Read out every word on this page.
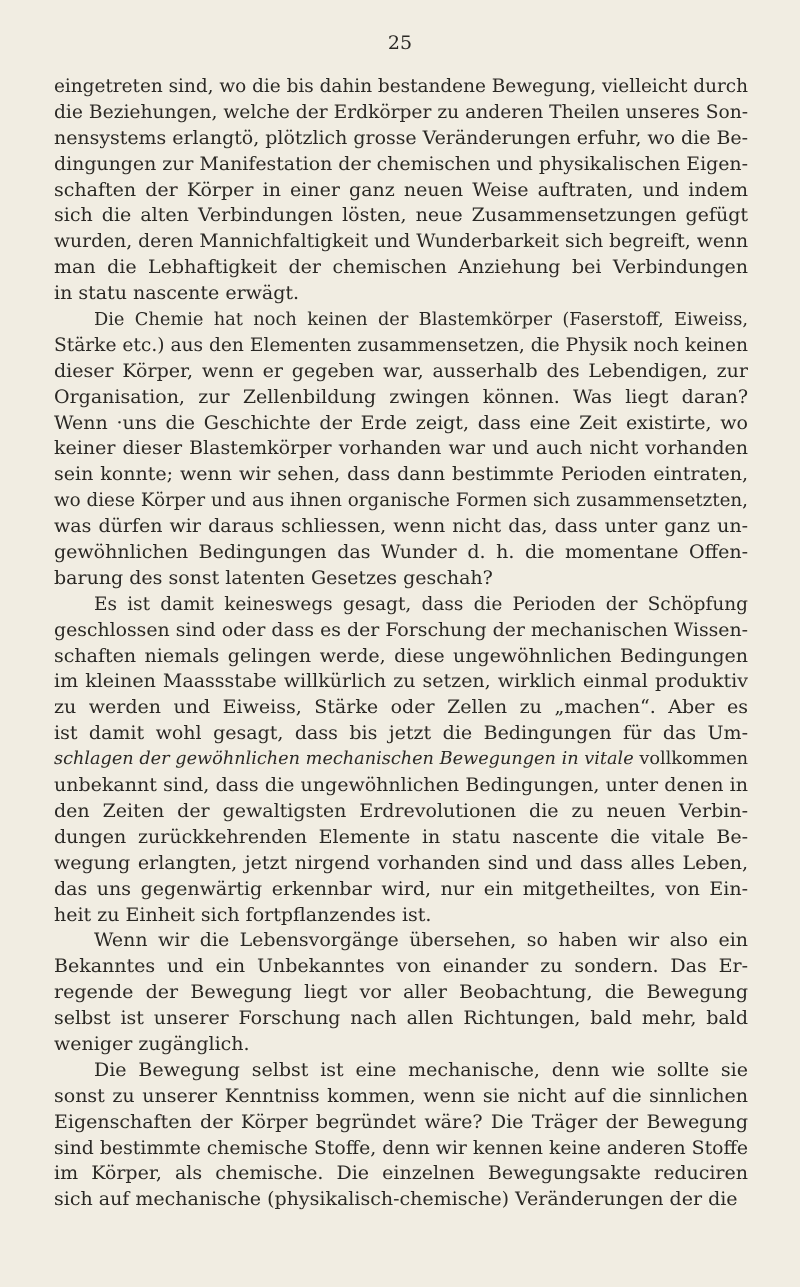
25
eingetreten sind, wo die bis dahin bestandene Bewegung, vielleicht durch
die Beziehungen, welche der Erdkörper zu anderen Theilen unseres Son-
nensystems erlangtö, plötzlich grosse Veränderungen erfuhr, wo die Be-
dingungen zur Manifestation der chemischen und physikalischen Eigen-
schaften der Körper in einer ganz neuen Weise auftraten, und indem
sich die alten Verbindungen lösten, neue Zusammensetzungen gefügt
wurden, deren Mannichfaltigkeit und Wunderbarkeit sich begreift, wenn
man die Lebhaftigkeit der chemischen Anziehung bei Verbindungen
in statu nascente erwägt.
Die Chemie hat noch keinen der Blastemkörper (Faserstoff, Eiweiss,
Stärke etc.) aus den Elementen zusammensetzen, die Physik noch keinen
dieser Körper, wenn er gegeben war, ausserhalb des Lebendigen, zur
Organisation, zur Zellenbildung zwingen können. Was liegt daran?
Wenn ·uns die Geschichte der Erde zeigt, dass eine Zeit existirte, wo
keiner dieser Blastemkörper vorhanden war und auch nicht vorhanden
sein konnte; wenn wir sehen, dass dann bestimmte Perioden eintraten,
wo diese Körper und aus ihnen organische Formen sich zusammensetzten,
was dürfen wir daraus schliessen, wenn nicht das, dass unter ganz un-
gewöhnlichen Bedingungen das Wunder d. h. die momentane Offen-
barung des sonst latenten Gesetzes geschah?
Es ist damit keineswegs gesagt, dass die Perioden der Schöpfung
geschlossen sind oder dass es der Forschung der mechanischen Wissen-
schaften niemals gelingen werde, diese ungewöhnlichen Bedingungen
im kleinen Maassstabe willkürlich zu setzen, wirklich einmal produktiv
zu werden und Eiweiss, Stärke oder Zellen zu „machen“. Aber es
ist damit wohl gesagt, dass bis jetzt die Bedingungen für das Um-
schlagen der gewöhnlichen mechanischen Bewegungen in vitale vollkommen
unbekannt sind, dass die ungewöhnlichen Bedingungen, unter denen in
den Zeiten der gewaltigsten Erdrevolutionen die zu neuen Verbin-
dungen zurückkehrenden Elemente in statu nascente die vitale Be-
wegung erlangten, jetzt nirgend vorhanden sind und dass alles Leben,
das uns gegenwärtig erkennbar wird, nur ein mitgetheiltes, von Ein-
heit zu Einheit sich fortpflanzendes ist.
Wenn wir die Lebensvorgänge übersehen, so haben wir also ein
Bekanntes und ein Unbekanntes von einander zu sondern. Das Er-
regende der Bewegung liegt vor aller Beobachtung, die Bewegung
selbst ist unserer Forschung nach allen Richtungen, bald mehr, bald
weniger zugänglich.
Die Bewegung selbst ist eine mechanische, denn wie sollte sie
sonst zu unserer Kenntniss kommen, wenn sie nicht auf die sinnlichen
Eigenschaften der Körper begründet wäre? Die Träger der Bewegung
sind bestimmte chemische Stoffe, denn wir kennen keine anderen Stoffe
im Körper, als chemische. Die einzelnen Bewegungsakte reduciren
sich auf mechanische (physikalisch-chemische) Veränderungen der die
